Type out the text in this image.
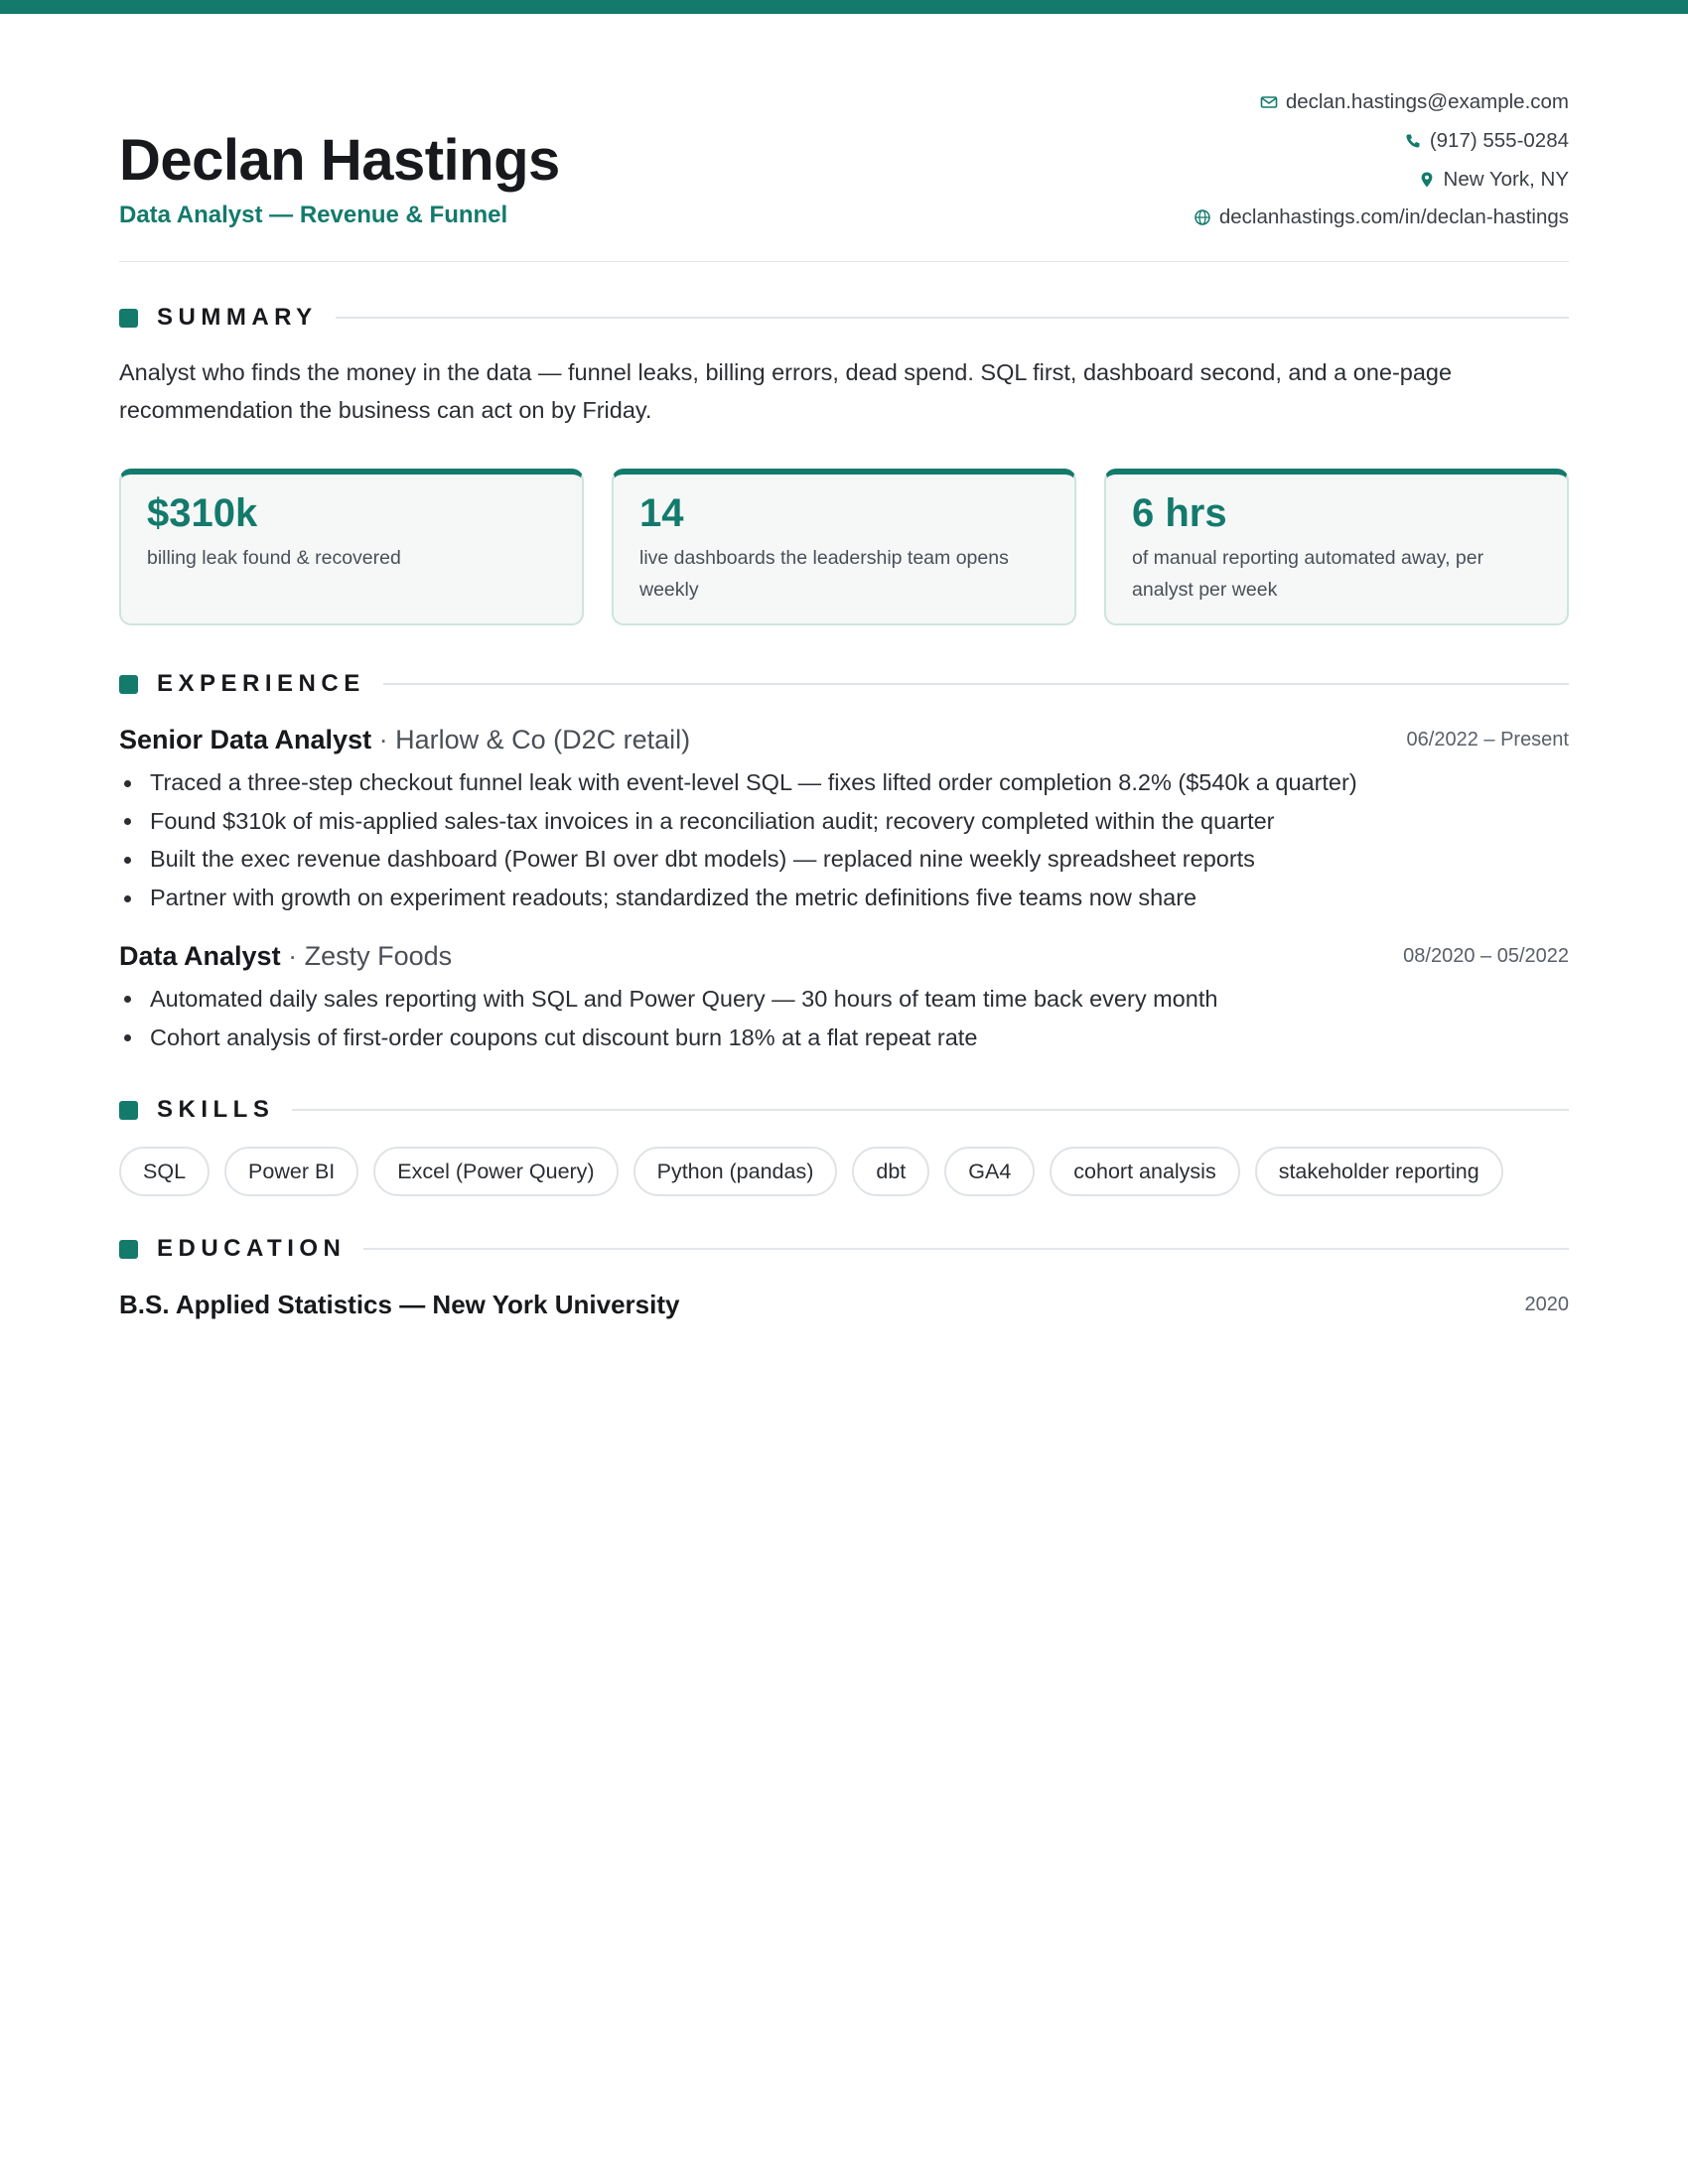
Declan Hastings
Data Analyst — Revenue & Funnel
declan.hastings@example.com
(917) 555-0284
New York, NY
declanhastings.com/in/declan-hastings
SUMMARY
Analyst who finds the money in the data — funnel leaks, billing errors, dead spend. SQL first, dashboard second, and a one-page recommendation the business can act on by Friday.
$310k
billing leak found & recovered
14
live dashboards the leadership team opens weekly
6 hrs
of manual reporting automated away, per analyst per week
EXPERIENCE
Senior Data Analyst · Harlow & Co (D2C retail)	06/2022 – Present
Traced a three-step checkout funnel leak with event-level SQL — fixes lifted order completion 8.2% ($540k a quarter)
Found $310k of mis-applied sales-tax invoices in a reconciliation audit; recovery completed within the quarter
Built the exec revenue dashboard (Power BI over dbt models) — replaced nine weekly spreadsheet reports
Partner with growth on experiment readouts; standardized the metric definitions five teams now share
Data Analyst · Zesty Foods	08/2020 – 05/2022
Automated daily sales reporting with SQL and Power Query — 30 hours of team time back every month
Cohort analysis of first-order coupons cut discount burn 18% at a flat repeat rate
SKILLS
SQL	Power BI	Excel (Power Query)	Python (pandas)	dbt	GA4	cohort analysis	stakeholder reporting
EDUCATION
B.S. Applied Statistics — New York University	2020
